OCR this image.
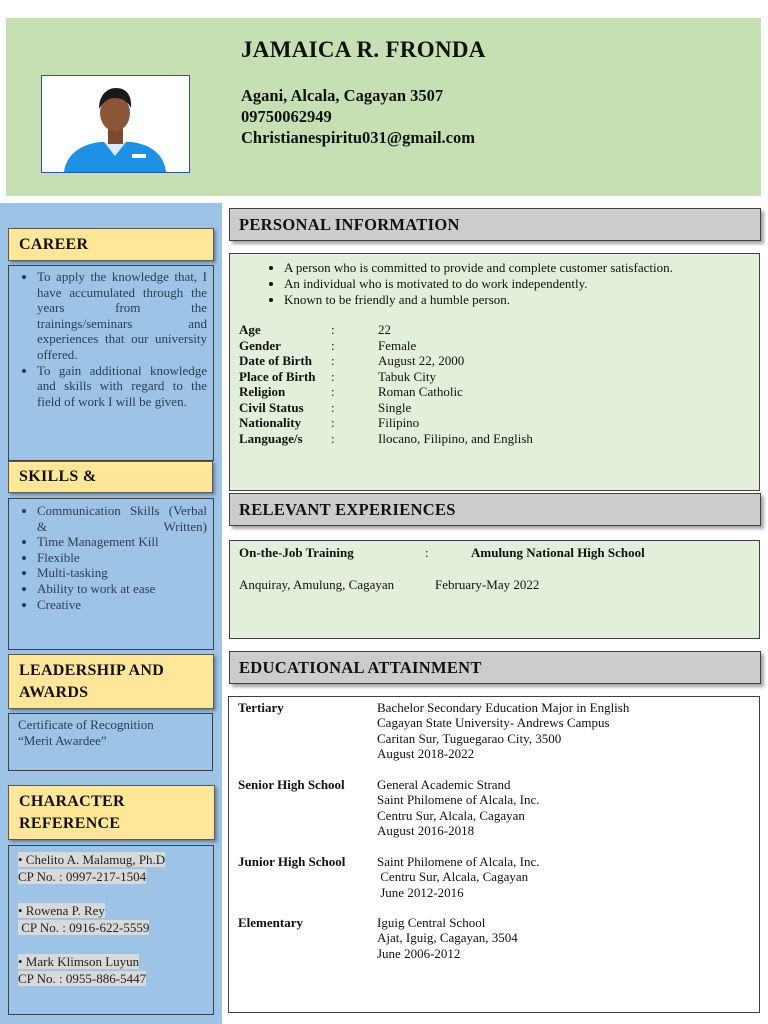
JAMAICA R. FRONDA
Agani, Alcala, Cagayan 3507
09750062949
Christianespiritu031@gmail.com
CAREER
• To apply the knowledge that, I have accumulated through the years from the trainings/seminars and experiences that our university offered.
• To gain additional knowledge and skills with regard to the field of work I will be given.
SKILLS &
• Communication Skills (Verbal & Written)
• Time Management Kill
• Flexible
• Multi-tasking
• Ability to work at ease
• Creative
LEADERSHIP AND
AWARDS
Certificate of Recognition
“Merit Awardee”
CHARACTER
REFERENCE
• Chelito A. Malamug, Ph.D
CP No. : 0997-217-1504
• Rowena P. Rey
CP No. : 0916-622-5559
• Mark Klimson Luyun
CP No. : 0955-886-5447
PERSONAL INFORMATION
• A person who is committed to provide and complete customer satisfaction.
• An individual who is motivated to do work independently.
• Known to be friendly and a humble person.
Age	:	22
Gender	:	Female
Date of Birth :	August 22, 2000
Place of Birth :	Tabuk City
Religion	:	Roman Catholic
Civil Status :	Single
Nationality :	Filipino
Language/s :	Ilocano, Filipino, and English
RELEVANT EXPERIENCES
On-the-Job Training	:	Amulung National High School
Anquiray, Amulung, Cagayan	February-May 2022
EDUCATIONAL ATTAINMENT
Tertiary	Bachelor Secondary Education Major in English
Cagayan State University- Andrews Campus
Caritan Sur, Tuguegarao City, 3500
August 2018-2022
Senior High School General Academic Strand
Saint Philomene of Alcala, Inc.
Centru Sur, Alcala, Cagayan
August 2016-2018
Junior High School Saint Philomene of Alcala, Inc.
Centru Sur, Alcala, Cagayan
June 2012-2016
Elementary	Iguig Central School
Ajat, Iguig, Cagayan, 3504
June 2006-2012
